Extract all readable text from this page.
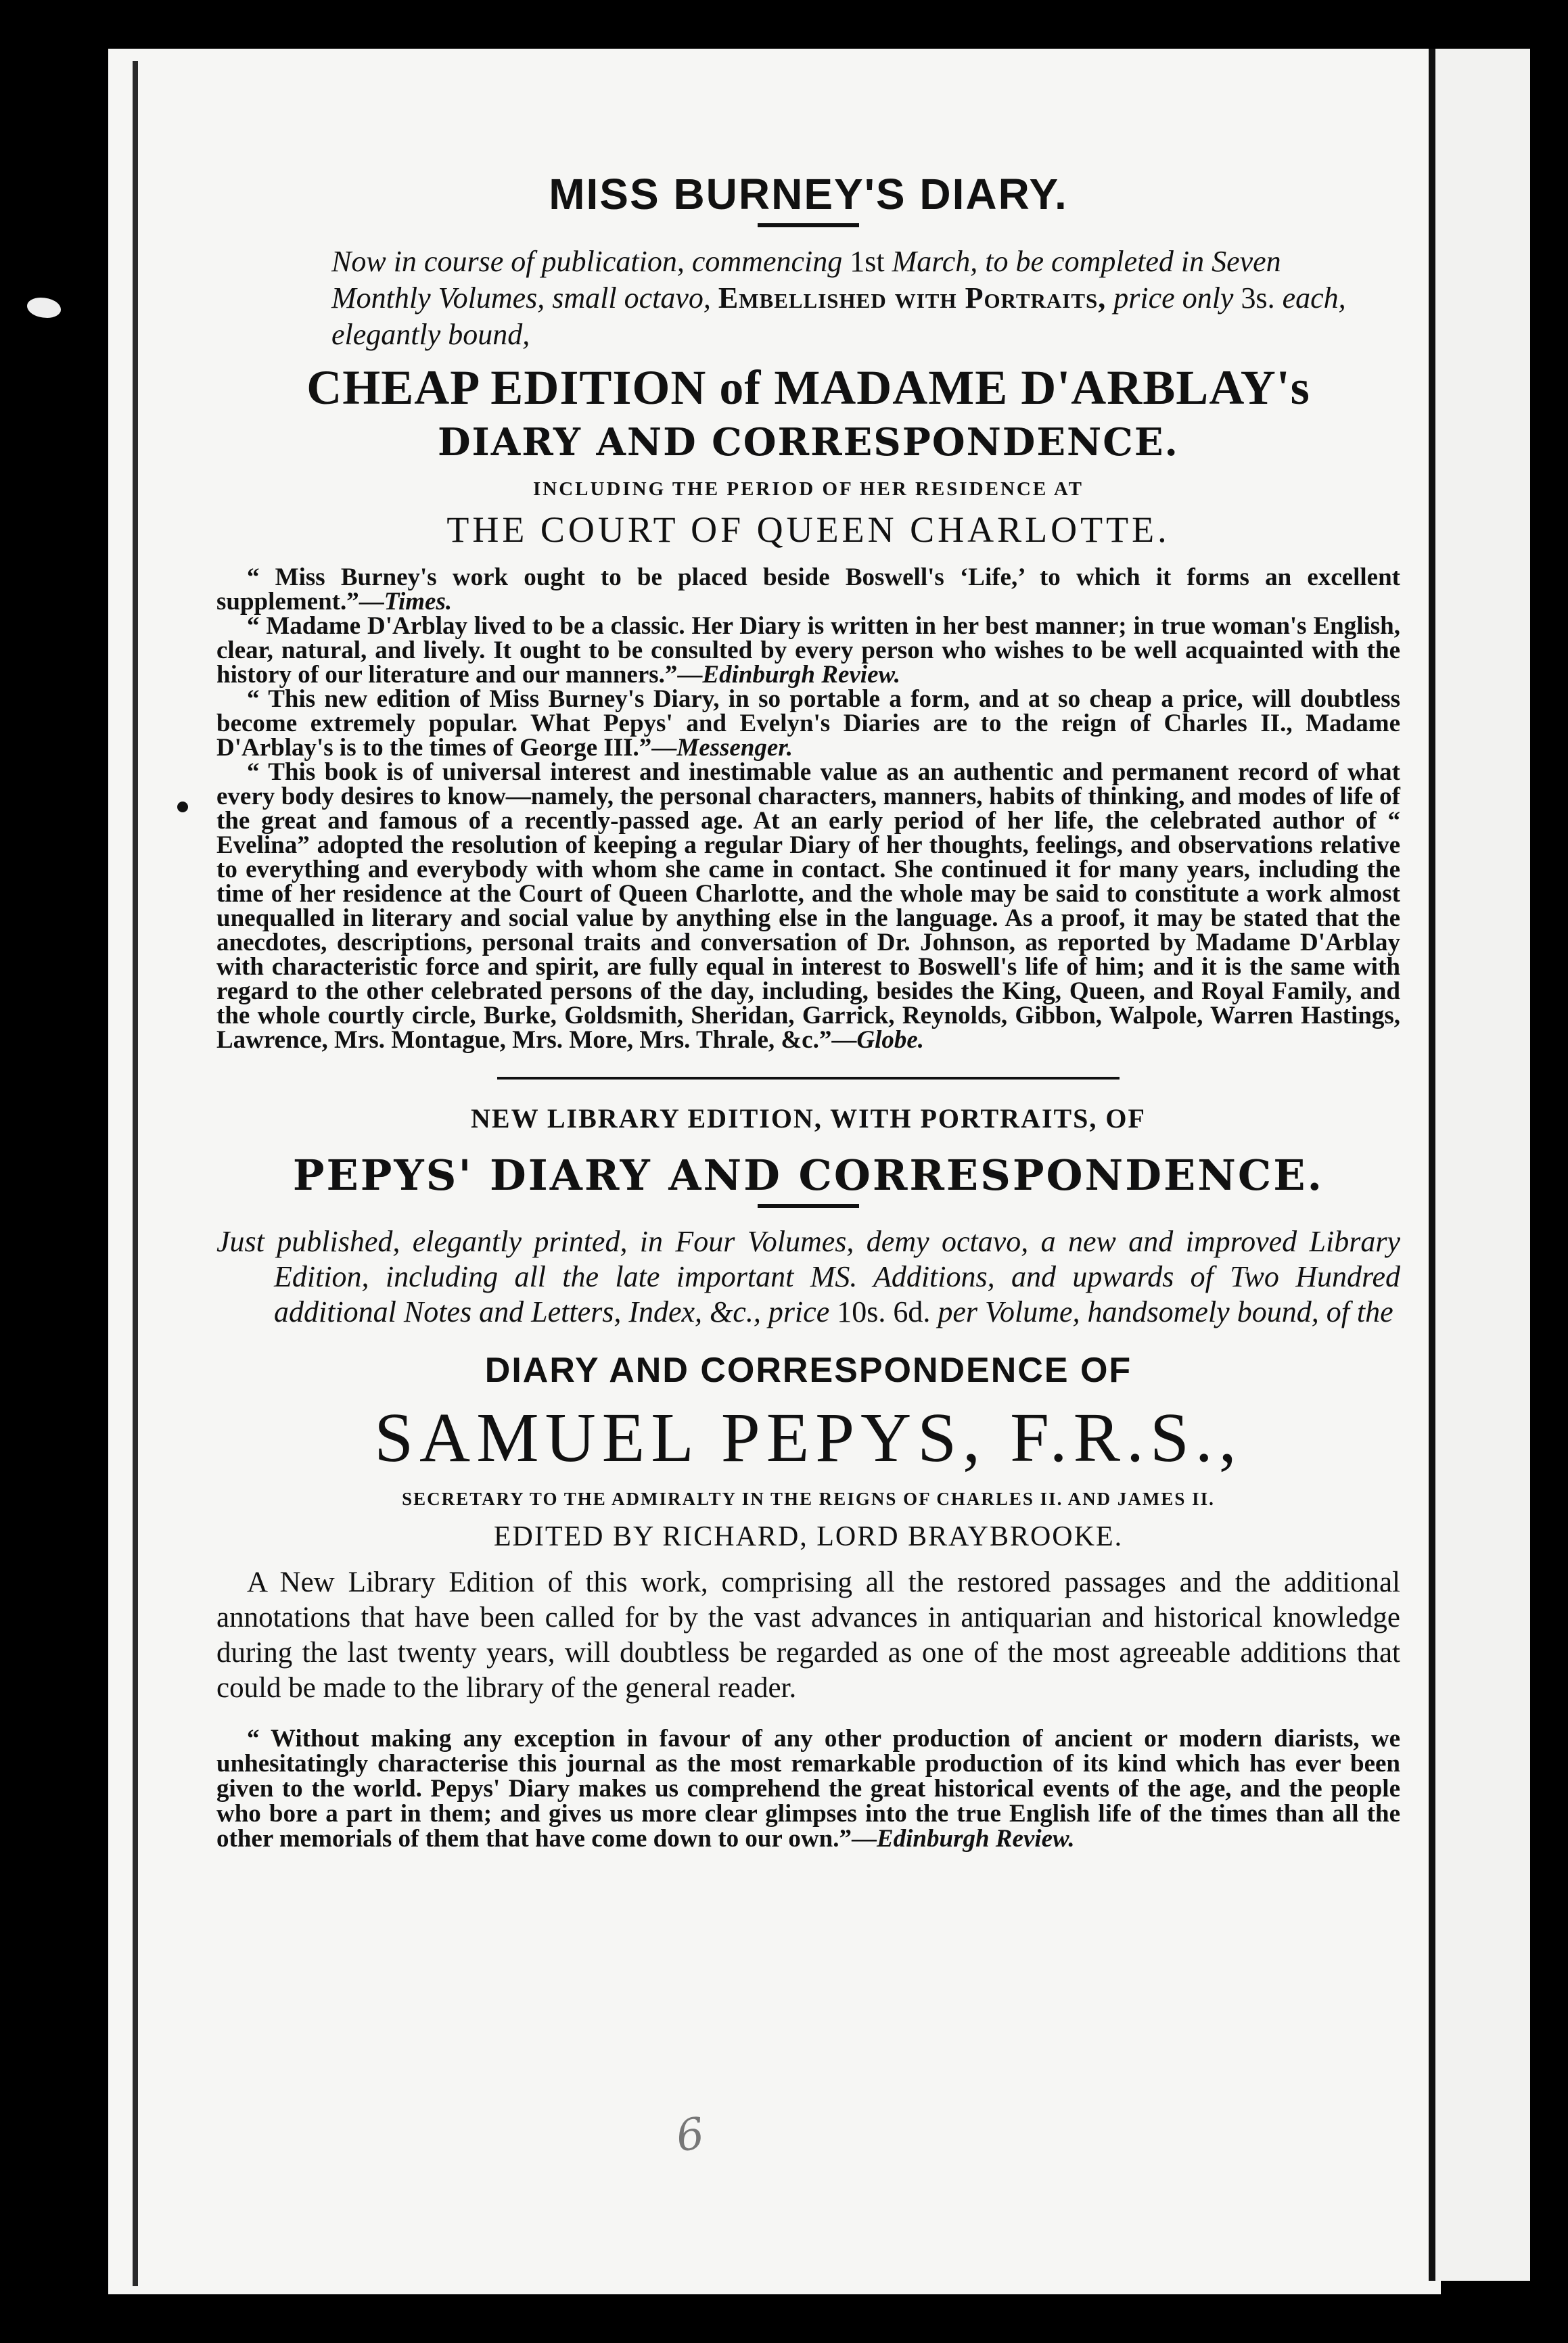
MISS BURNEY'S DIARY.

Now in course of publication, commencing 1st March, to be completed in Seven Monthly Volumes, small octavo, Embellished with Portraits, price only 3s. each, elegantly bound,

CHEAP EDITION of MADAME D'ARBLAY's
DIARY AND CORRESPONDENCE.
INCLUDING THE PERIOD OF HER RESIDENCE AT
THE COURT OF QUEEN CHARLOTTE.

“ Miss Burney's work ought to be placed beside Boswell's ‘Life,’ to which it forms an excellent supplement.”—Times.

“ Madame D'Arblay lived to be a classic. Her Diary is written in her best manner; in true woman's English, clear, natural, and lively. It ought to be consulted by every person who wishes to be well acquainted with the history of our literature and our manners.”—Edinburgh Review.

“ This new edition of Miss Burney's Diary, in so portable a form, and at so cheap a price, will doubtless become extremely popular. What Pepys' and Evelyn's Diaries are to the reign of Charles II., Madame D'Arblay's is to the times of George III.”—Messenger.

“ This book is of universal interest and inestimable value as an authentic and permanent record of what every body desires to know—namely, the personal characters, manners, habits of thinking, and modes of life of the great and famous of a recently-passed age. At an early period of her life, the celebrated author of “ Evelina” adopted the resolution of keeping a regular Diary of her thoughts, feelings, and observations relative to everything and everybody with whom she came in contact. She continued it for many years, including the time of her residence at the Court of Queen Charlotte, and the whole may be said to constitute a work almost unequalled in literary and social value by anything else in the language. As a proof, it may be stated that the anecdotes, descriptions, personal traits and conversation of Dr. Johnson, as reported by Madame D'Arblay with characteristic force and spirit, are fully equal in interest to Boswell's life of him; and it is the same with regard to the other celebrated persons of the day, including, besides the King, Queen, and Royal Family, and the whole courtly circle, Burke, Goldsmith, Sheridan, Garrick, Reynolds, Gibbon, Walpole, Warren Hastings, Lawrence, Mrs. Montague, Mrs. More, Mrs. Thrale, &c.”—Globe.

NEW LIBRARY EDITION, WITH PORTRAITS, OF
PEPYS' DIARY AND CORRESPONDENCE.

Just published, elegantly printed, in Four Volumes, demy octavo, a new and improved Library Edition, including all the late important MS. Additions, and upwards of Two Hundred additional Notes and Letters, Index, &c., price 10s. 6d. per Volume, handsomely bound, of the

DIARY AND CORRESPONDENCE OF
SAMUEL PEPYS, F.R.S.,
SECRETARY TO THE ADMIRALTY IN THE REIGNS OF CHARLES II. AND JAMES II.
EDITED BY RICHARD, LORD BRAYBROOKE.

A New Library Edition of this work, comprising all the restored passages and the additional annotations that have been called for by the vast advances in antiquarian and historical knowledge during the last twenty years, will doubtless be regarded as one of the most agreeable additions that could be made to the library of the general reader.

“ Without making any exception in favour of any other production of ancient or modern diarists, we unhesitatingly characterise this journal as the most remarkable production of its kind which has ever been given to the world. Pepys' Diary makes us comprehend the great historical events of the age, and the people who bore a part in them; and gives us more clear glimpses into the true English life of the times than all the other memorials of them that have come down to our own.”—Edinburgh Review.

6
